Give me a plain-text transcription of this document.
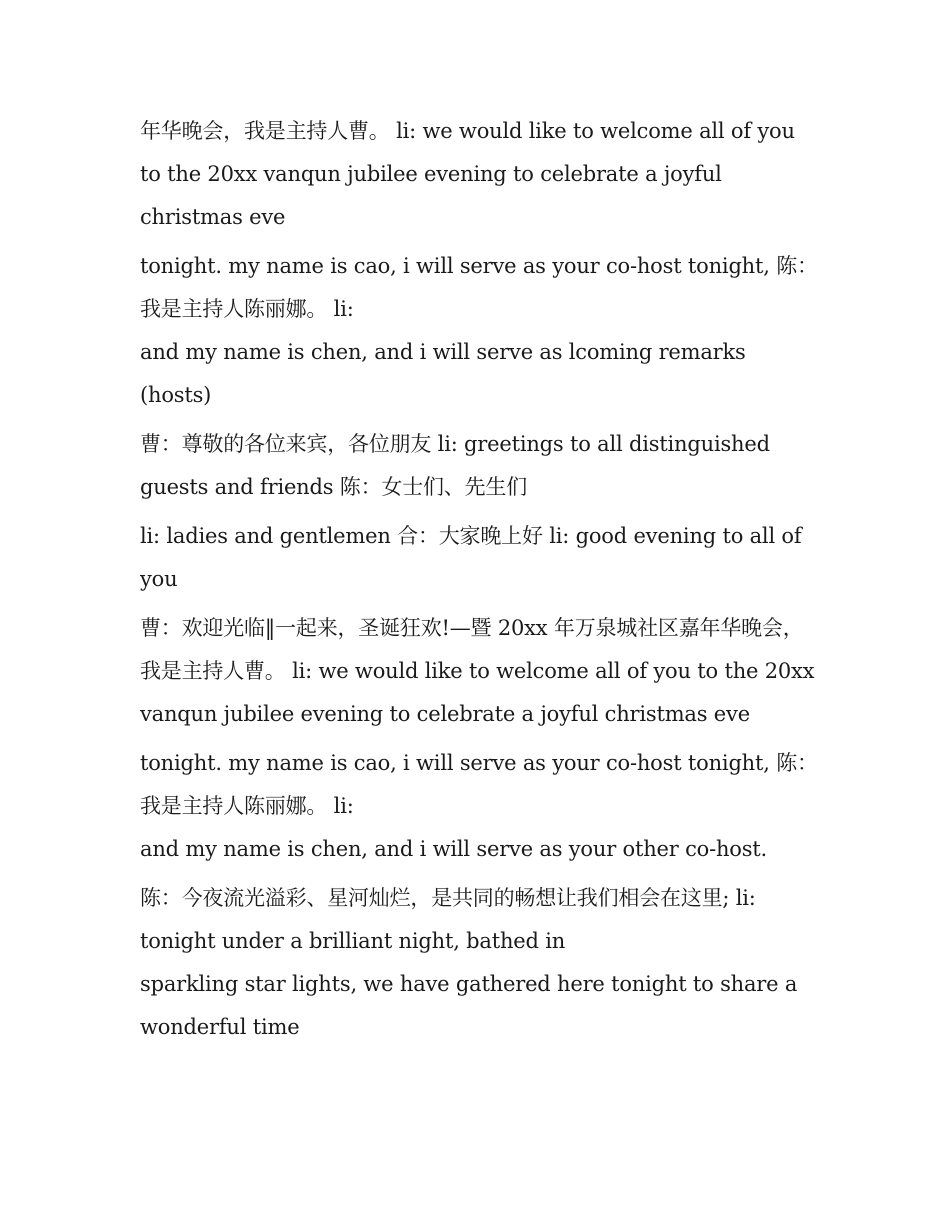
年华晚会，我是主持人曹。 li: we would like to welcome all of you to the 20xx vanqun jubilee evening to celebrate a joyful christmas eve

tonight. my name is cao, i will serve as your co-host tonight, 陈：我是主持人陈丽娜。 li:

and my name is chen, and i will serve as lcoming remarks (hosts)

曹：尊敬的各位来宾，各位朋友 li: greetings to all distinguished guests and friends 陈：女士们、先生们

li: ladies and gentlemen 合：大家晚上好 li: good evening to all of you

曹：欢迎光临‖一起来，圣诞狂欢!—暨 20xx 年万泉城社区嘉年华晚会，我是主持人曹。 li: we would like to welcome all of you to the 20xx vanqun jubilee evening to celebrate a joyful christmas eve

tonight. my name is cao, i will serve as your co-host tonight, 陈：我是主持人陈丽娜。 li:

and my name is chen, and i will serve as your other co-host.

陈：今夜流光溢彩、星河灿烂，是共同的畅想让我们相会在这里; li: tonight under a brilliant night, bathed in

sparkling star lights, we have gathered here tonight to share a wonderful time
